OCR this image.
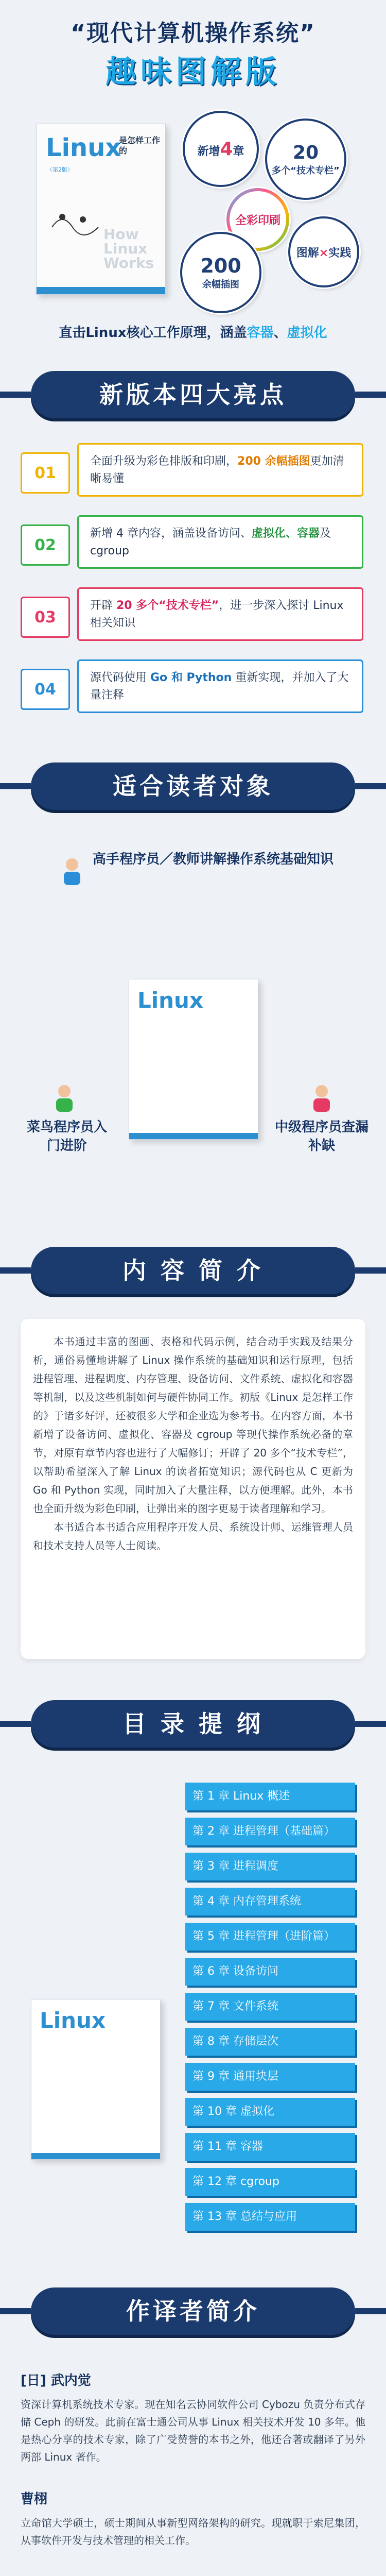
“现代计算机操作系统”
趣味图解版
Linux
是怎样工作的
（第2版）
How Linux Works
新增4章	20
多个“技术专栏”
全彩印刷
200
余幅插图
图解×实践
直击Linux核心工作原理，涵盖容器、虚拟化
新版本四大亮点
01
全面升级为彩色排版和印刷，200 余幅插图更加清晰易懂
02
新增 4 章内容，涵盖设备访问、虚拟化、容器及 cgroup
03
开辟 20 多个“技术专栏”，进一步深入探讨 Linux 相关知识
04
源代码使用 Go 和 Python 重新实现，并加入了大量注释
适合读者对象
高手程序员／教师讲解操作系统基础知识
Linux
菜鸟程序员入门进阶
中级程序员查漏补缺
内 容 简 介

本书通过丰富的图画、表格和代码示例，结合动手实践及结果分析，通俗易懂地讲解了 Linux 操作系统的基础知识和运行原理，包括进程管理、进程调度、内存管理、设备访问、文件系统、虚拟化和容器等机制，以及这些机制如何与硬件协同工作。初版《Linux 是怎样工作的》于诸多好评，还被很多大学和企业选为参考书。在内容方面，本书新增了设备访问、虚拟化、容器及 cgroup 等现代操作系统必备的章节，对原有章节内容也进行了大幅修订；开辟了 20 多个“技术专栏”，以帮助希望深入了解 Linux 的读者拓宽知识；源代码也从 C 更新为 Go 和 Python 实现，同时加入了大量注释，以方便理解。此外，本书也全面升级为彩色印刷，让弹出来的图字更易于读者理解和学习。

本书适合本书适合应用程序开发人员、系统设计师、运维管理人员和技术支持人员等人士阅读。

目 录 提 纲
Linux
第 1 章 Linux 概述
第 2 章 进程管理（基础篇）
第 3 章 进程调度
第 4 章 内存管理系统
第 5 章 进程管理（进阶篇）
第 6 章 设备访问
第 7 章 文件系统
第 8 章 存储层次
第 9 章 通用块层
第 10 章 虚拟化
第 11 章 容器
第 12 章 cgroup
第 13 章 总结与应用
作译者简介
[日] 武内觉
资深计算机系统技术专家。现在知名云协同软件公司 Cybozu 负责分布式存储 Ceph 的研发。此前在富士通公司从事 Linux 相关技术开发 10 多年。他是热心分享的技术专家，除了广受赞誉的本书之外，他还合著或翻译了另外两部 Linux 著作。
曹栩
立命馆大学硕士，硕士期间从事新型网络架构的研究。现就职于索尼集团，从事软件开发与技术管理的相关工作。
